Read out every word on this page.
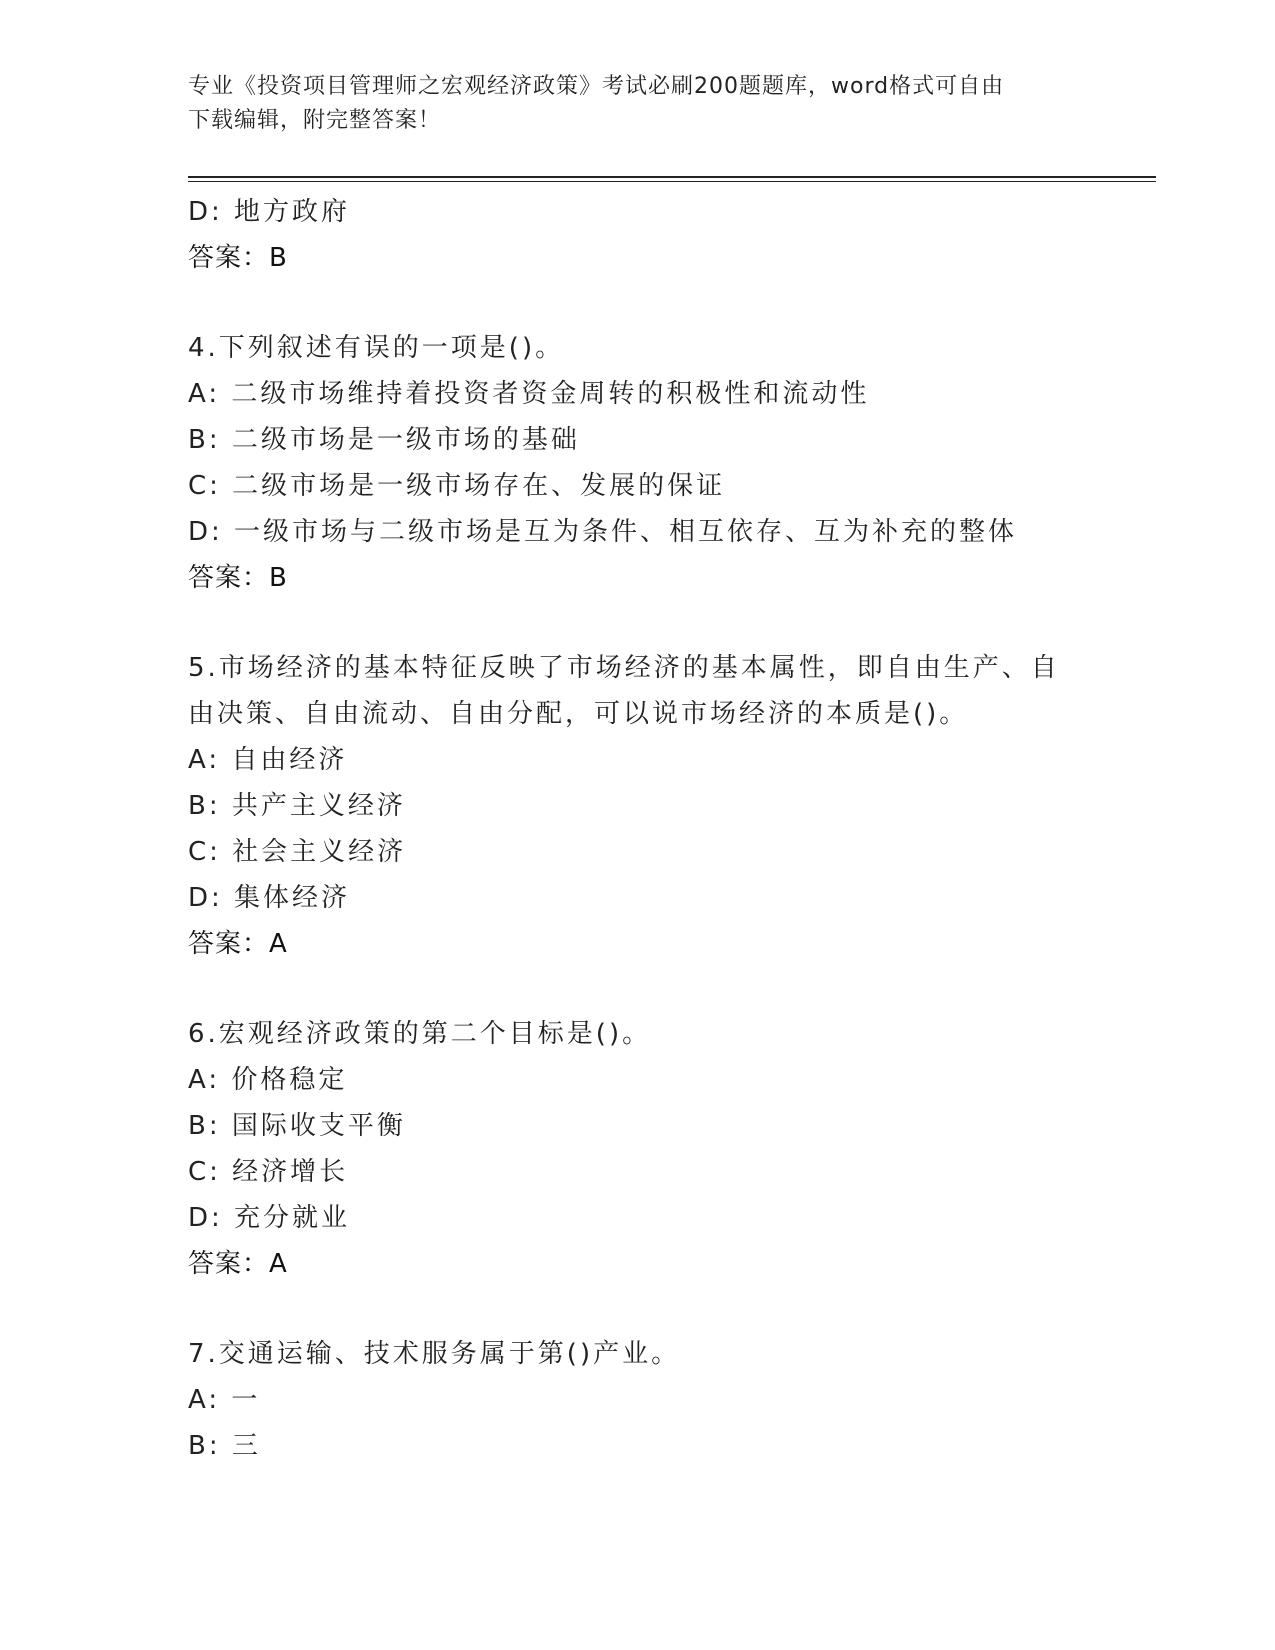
专业《投资项目管理师之宏观经济政策》考试必刷200题题库，word格式可自由
下载编辑，附完整答案！
D: 地方政府
答案：B
4.下列叙述有误的一项是()。
A: 二级市场维持着投资者资金周转的积极性和流动性
B: 二级市场是一级市场的基础
C: 二级市场是一级市场存在、发展的保证
D: 一级市场与二级市场是互为条件、相互依存、互为补充的整体
答案：B
5.市场经济的基本特征反映了市场经济的基本属性，即自由生产、自
由决策、自由流动、自由分配，可以说市场经济的本质是()。
A: 自由经济
B: 共产主义经济
C: 社会主义经济
D: 集体经济
答案：A
6.宏观经济政策的第二个目标是()。
A: 价格稳定
B: 国际收支平衡
C: 经济增长
D: 充分就业
答案：A
7.交通运输、技术服务属于第()产业。
A: 一
B: 三
